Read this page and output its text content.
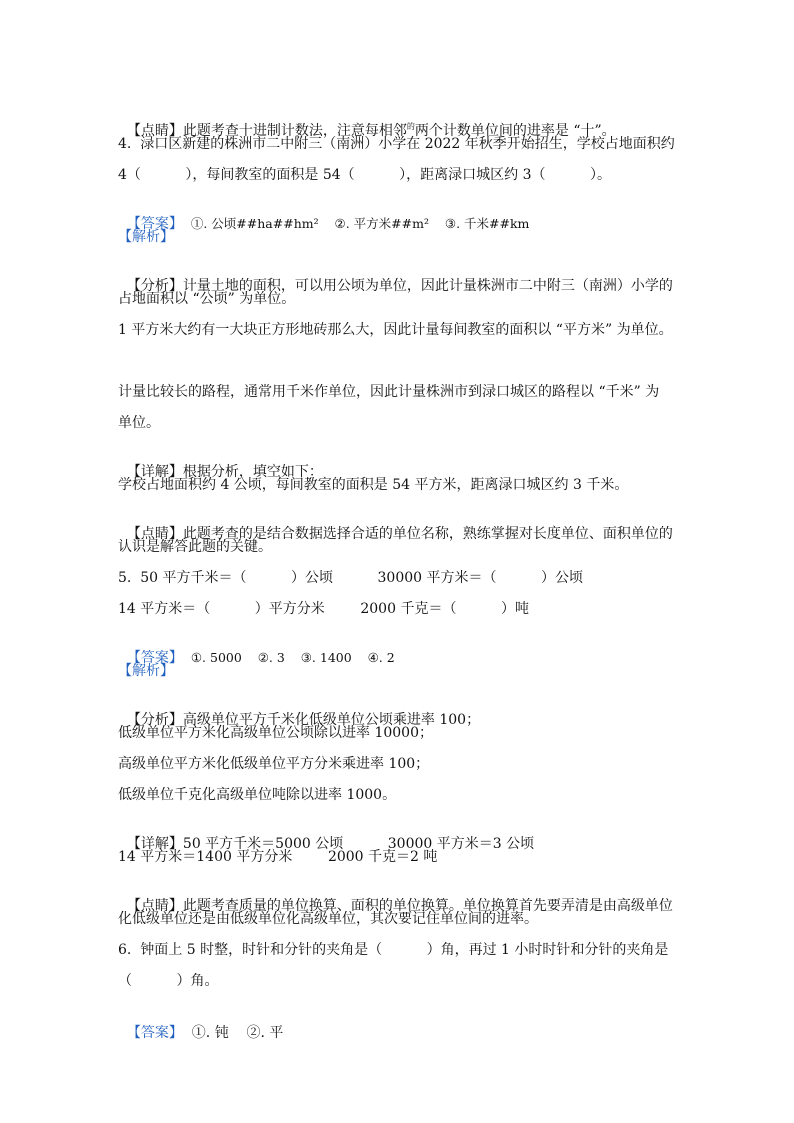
【点睛】此题考查十进制计数法，注意每相邻$^的$两个计数单位间的进率是 “十”。

4.  渌口区新建的株洲市二中附三（南洲）小学在 2022 年秋季开始招生，学校占地面积约
4（          ），每间教室的面积是 54（          ），距离渌口城区约 3（          ）。

【答案】  ①. 公顷##ha##hm²    ②. 平方米##m²    ③. 千米##km

【解析】

【分析】计量土地的面积，可以用公顷为单位，因此计量株洲市二中附三（南洲）小学的

占地面积以 “公顷” 为单位。
1 平方米大约有一大块正方形地砖那么大，因此计量每间教室的面积以 “平方米” 为单位。
计量比较长的路程，通常用千米作单位，因此计量株洲市到渌口城区的路程以 “千米” 为
单位。

【详解】根据分析，填空如下：

学校占地面积约 4 公顷，每间教室的面积是 54 平方米，距离渌口城区约 3 千米。

【点睛】此题考查的是结合数据选择合适的单位名称，熟练掌握对长度单位、面积单位的

认识是解答此题的关键。
5.  50 平方千米＝（          ）公顷          30000 平方米＝（          ）公顷
14 平方米＝（          ）平方分米        2000 千克＝（          ）吨

【答案】  ①. 5000    ②. 3    ③. 1400    ④. 2

【解析】

【分析】高级单位平方千米化低级单位公顷乘进率 100；

低级单位平方米化高级单位公顷除以进率 10000；
高级单位平方米化低级单位平方分米乘进率 100；
低级单位千克化高级单位吨除以进率 1000。

【详解】50 平方千米＝5000 公顷          30000 平方米＝3 公顷

14 平方米＝1400 平方分米        2000 千克＝2 吨

【点睛】此题考查质量的单位换算、面积的单位换算。单位换算首先要弄清是由高级单位

化低级单位还是由低级单位化高级单位，其次要记住单位间的进率。
6.  钟面上 5 时整，时针和分针的夹角是（          ）角，再过 1 小时时针和分针的夹角是
（          ）角。

【答案】  ①. 钝    ②. 平
